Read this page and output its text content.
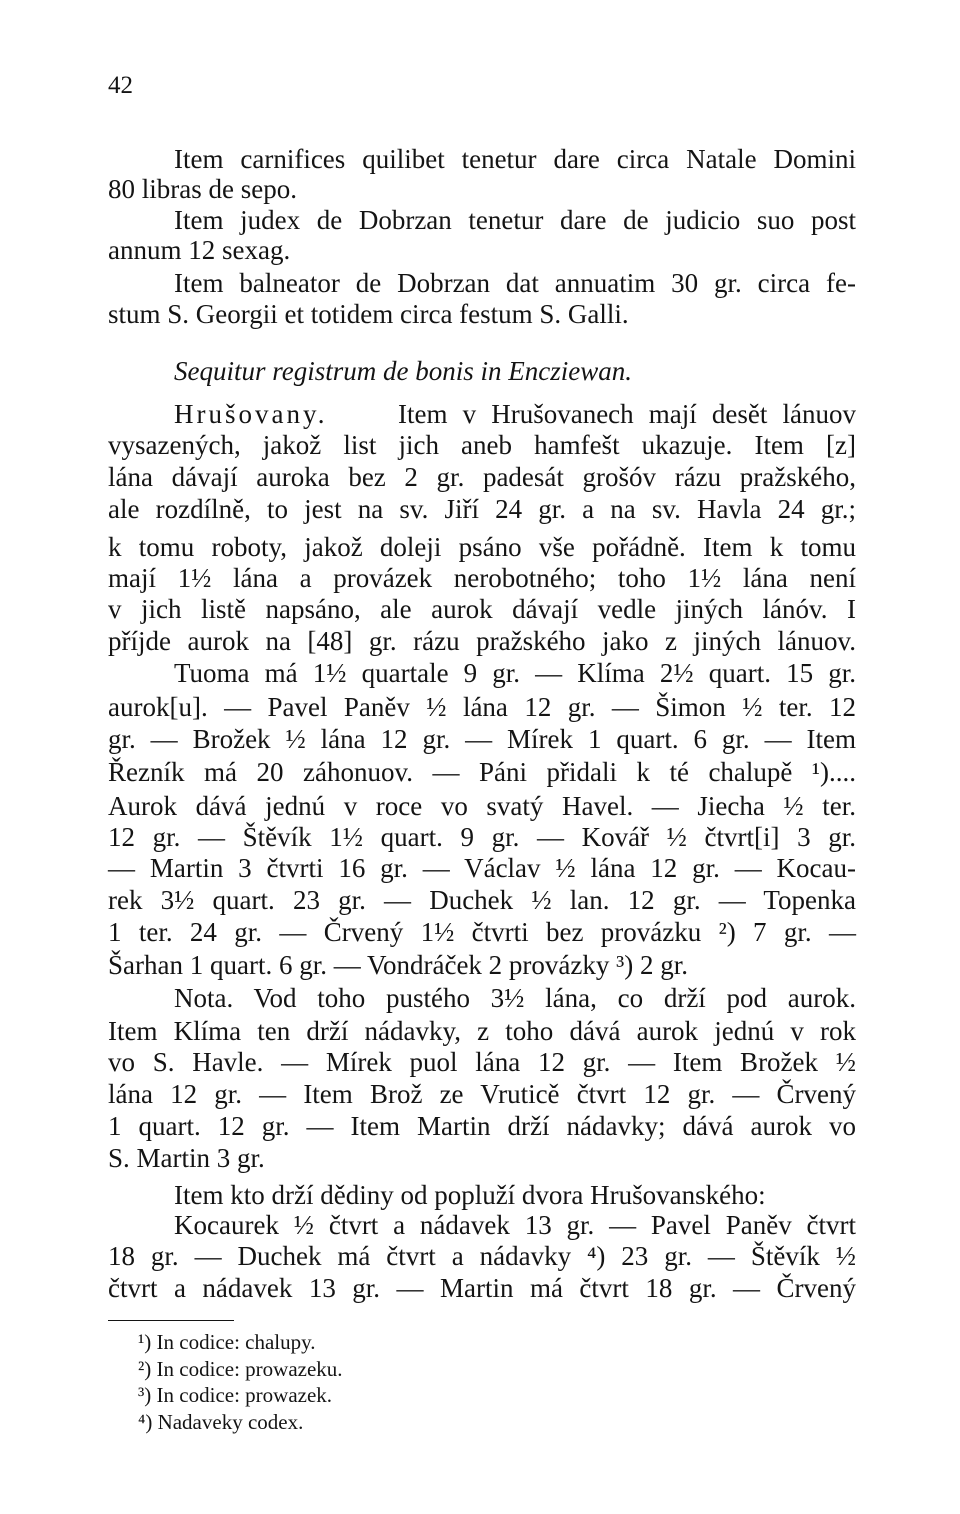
42
Item carnifices quilibet tenetur dare circa Natale Domini
80 libras de sepo.
Item judex de Dobrzan tenetur dare de judicio suo post
annum 12 sexag.
Item balneator de Dobrzan dat annuatim 30 gr. circa fe-
stum S. Georgii et totidem circa festum S. Galli.
Sequitur registrum de bonis in Encziewan.
Hrušovany.	Item v Hrušovanech mají desět lánuov
vysazených, jakož list jich aneb hamfešt ukazuje. Item [z]
lána dávají auroka bez 2 gr. padesát grošóv rázu pražského,
ale rozdílně, to jest na sv. Jiří 24 gr. a na sv. Havla 24 gr.;
k tomu roboty, jakož doleji psáno vše pořádně. Item k tomu
mají 1½ lána a provázek nerobotného; toho 1½ lána není
v jich listě napsáno, ale aurok dávají vedle jiných lánóv. I
příjde aurok na [48] gr. rázu pražského jako z jiných lánuov.
Tuoma má 1½ quartale 9 gr. — Klíma 2½ quart. 15 gr.
aurok[u]. — Pavel Paněv ½ lána 12 gr. — Šimon ½ ter. 12
gr. — Brožek ½ lána 12 gr. — Mírek 1 quart. 6 gr. — Item
Řezník má 20 záhonuov. — Páni přidali k té chalupě ¹)....
Aurok dává jednú v roce vo svatý Havel. — Jiecha ½ ter.
12 gr. — Štěvík 1½ quart. 9 gr. — Kovář ½ čtvrt[i] 3 gr.
— Martin 3 čtvrti 16 gr. — Václav ½ lána 12 gr. — Kocau-
rek 3½ quart. 23 gr. — Duchek ½ lan. 12 gr. — Topenka
1 ter. 24 gr. — Črvený 1½ čtvrti bez provázku ²) 7 gr. —
Šarhan 1 quart. 6 gr. — Vondráček 2 provázky ³) 2 gr.
Nota. Vod toho pustého 3½ lána, co drží pod aurok.
Item Klíma ten drží nádavky, z toho dává aurok jednú v rok
vo S. Havle. — Mírek puol lána 12 gr. — Item Brožek ½
lána 12 gr. — Item Brož ze Vruticě čtvrt 12 gr. — Črvený
1 quart. 12 gr. — Item Martin drží nádavky; dává aurok vo
S. Martin 3 gr.
Item kto drží dědiny od popluží dvora Hrušovanského:
Kocaurek ½ čtvrt a nádavek 13 gr. — Pavel Paněv čtvrt
18 gr. — Duchek má čtvrt a nádavky ⁴) 23 gr. — Štěvík ½
čtvrt a nádavek 13 gr. — Martin má čtvrt 18 gr. — Črvený
¹) In codice: chalupy.
²) In codice: prowazeku.
³) In codice: prowazek.
⁴) Nadaveky codex.
